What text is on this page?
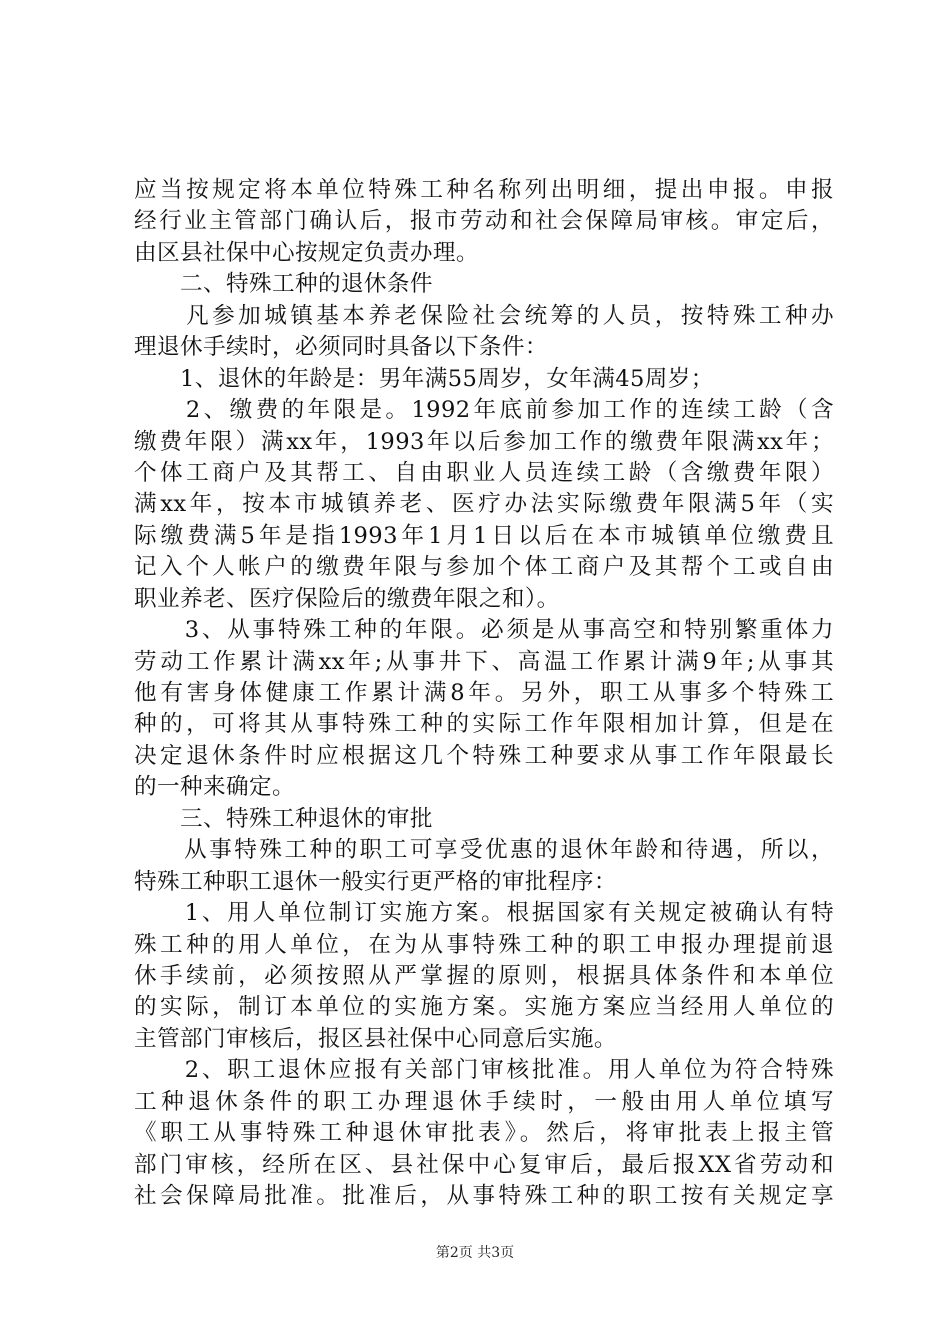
应当按规定将本单位特殊工种名称列出明细，提出申报。申报
经行业主管部门确认后，报市劳动和社会保障局审核。审定后，
由区县社保中心按规定负责办理。
　　二、特殊工种的退休条件
　　凡参加城镇基本养老保险社会统筹的人员，按特殊工种办
理退休手续时，必须同时具备以下条件：
　　1、退休的年龄是：男年满55周岁，女年满45周岁；
　　2、缴费的年限是。1992年底前参加工作的连续工龄（含
缴费年限）满xx年，1993年以后参加工作的缴费年限满xx年；
个体工商户及其帮工、自由职业人员连续工龄（含缴费年限）
满xx年，按本市城镇养老、医疗办法实际缴费年限满5年（实
际缴费满5年是指1993年1月1日以后在本市城镇单位缴费且
记入个人帐户的缴费年限与参加个体工商户及其帮个工或自由
职业养老、医疗保险后的缴费年限之和）。
　　3、从事特殊工种的年限。必须是从事高空和特别繁重体力
劳动工作累计满xx年;从事井下、高温工作累计满9年;从事其
他有害身体健康工作累计满8年。另外，职工从事多个特殊工
种的，可将其从事特殊工种的实际工作年限相加计算，但是在
决定退休条件时应根据这几个特殊工种要求从事工作年限最长
的一种来确定。
　　三、特殊工种退休的审批
　　从事特殊工种的职工可享受优惠的退休年龄和待遇，所以，
特殊工种职工退休一般实行更严格的审批程序：
　　1、用人单位制订实施方案。根据国家有关规定被确认有特
殊工种的用人单位，在为从事特殊工种的职工申报办理提前退
休手续前，必须按照从严掌握的原则，根据具体条件和本单位
的实际，制订本单位的实施方案。实施方案应当经用人单位的
主管部门审核后，报区县社保中心同意后实施。
　　2、职工退休应报有关部门审核批准。用人单位为符合特殊
工种退休条件的职工办理退休手续时，一般由用人单位填写
《职工从事特殊工种退休审批表》。然后，将审批表上报主管
部门审核，经所在区、县社保中心复审后，最后报XX省劳动和
社会保障局批准。批准后，从事特殊工种的职工按有关规定享
第2页 共3页
